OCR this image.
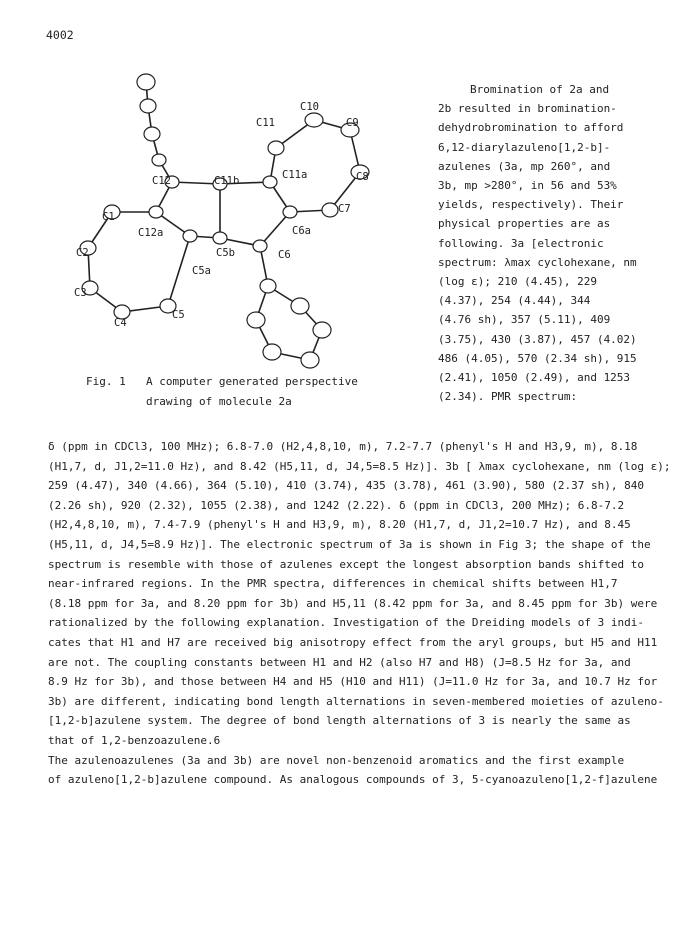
4002
C10
C11	C9
C12	C11b	C11a	C8
C7
C1
C12a	C6a
C2	C5b	C6
C5a
C3
C5
C4
Fig. 1 A computer generated perspective
drawing of molecule 2a
Bromination of 2a and
2b resulted in bromination-
dehydrobromination to afford
6,12-diarylazuleno[1,2-b]-
azulenes (3a, mp 260°, and
3b, mp >280°, in 56 and 53%
yields, respectively). Their
physical properties are as
following. 3a [electronic
spectrum: λmax cyclohexane, nm
(log ε); 210 (4.45), 229
(4.37), 254 (4.44), 344
(4.76 sh), 357 (5.11), 409
(3.75), 430 (3.87), 457 (4.02)
486 (4.05), 570 (2.34 sh), 915
(2.41), 1050 (2.49), and 1253
(2.34). PMR spectrum:
δ (ppm in CDCl3, 100 MHz); 6.8-7.0 (H2,4,8,10, m), 7.2-7.7 (phenyl's H and H3,9, m), 8.18
(H1,7, d, J1,2=11.0 Hz), and 8.42 (H5,11, d, J4,5=8.5 Hz)]. 3b [ λmax cyclohexane, nm (log ε);
259 (4.47), 340 (4.66), 364 (5.10), 410 (3.74), 435 (3.78), 461 (3.90), 580 (2.37 sh), 840
(2.26 sh), 920 (2.32), 1055 (2.38), and 1242 (2.22). δ (ppm in CDCl3, 200 MHz); 6.8-7.2
(H2,4,8,10, m), 7.4-7.9 (phenyl's H and H3,9, m), 8.20 (H1,7, d, J1,2=10.7 Hz), and 8.45
(H5,11, d, J4,5=8.9 Hz)]. The electronic spectrum of 3a is shown in Fig 3; the shape of the
spectrum is resemble with those of azulenes except the longest absorption bands shifted to
near-infrared regions. In the PMR spectra, differences in chemical shifts between H1,7
(8.18 ppm for 3a, and 8.20 ppm for 3b) and H5,11 (8.42 ppm for 3a, and 8.45 ppm for 3b) were
rationalized by the following explanation. Investigation of the Dreiding models of 3 indi-
cates that H1 and H7 are received big anisotropy effect from the aryl groups, but H5 and H11
are not. The coupling constants between H1 and H2 (also H7 and H8) (J=8.5 Hz for 3a, and
8.9 Hz for 3b), and those between H4 and H5 (H10 and H11) (J=11.0 Hz for 3a, and 10.7 Hz for
3b) are different, indicating bond length alternations in seven-membered moieties of azuleno-
[1,2-b]azulene system. The degree of bond length alternations of 3 is nearly the same as
that of 1,2-benzoazulene.6
The azulenoazulenes (3a and 3b) are novel non-benzenoid aromatics and the first example
of azuleno[1,2-b]azulene compound. As analogous compounds of 3, 5-cyanoazuleno[1,2-f]azulene
